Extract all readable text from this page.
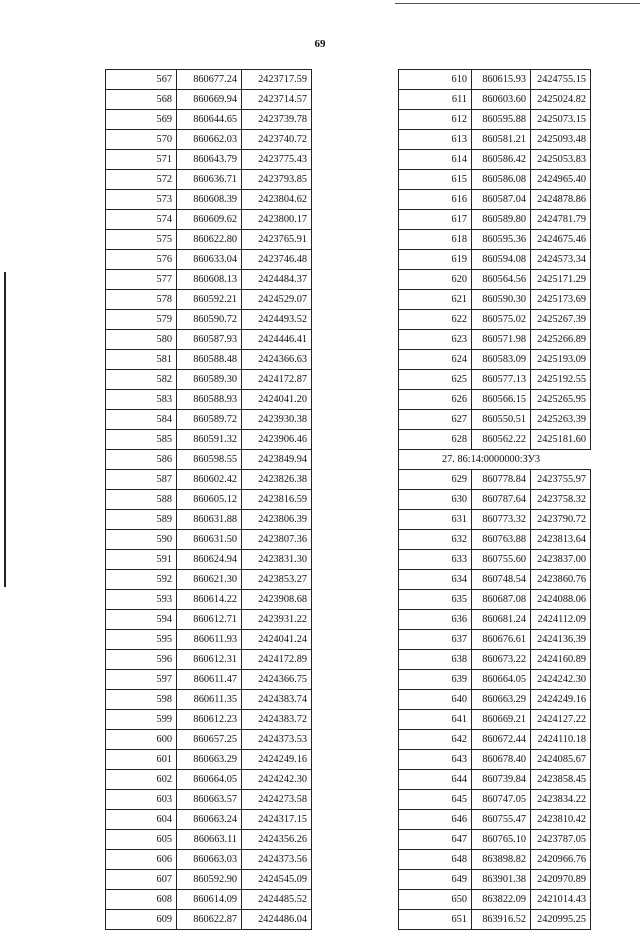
69
567	860677.24	2423717.59
568	860669.94	2423714.57
569	860644.65	2423739.78
570	860662.03	2423740.72
571	860643.79	2423775.43
572	860636.71	2423793.85
573	860608.39	2423804.62
574	860609.62	2423800.17
575	860622.80	2423765.91
576	860633.04	2423746.48
577	860608.13	2424484.37
578	860592.21	2424529.07
579	860590.72	2424493.52
580	860587.93	2424446.41
581	860588.48	2424366.63
582	860589.30	2424172.87
583	860588.93	2424041.20
584	860589.72	2423930.38
585	860591.32	2423906.46
586	860598.55	2423849.94
587	860602.42	2423826.38
588	860605.12	2423816.59
589	860631.88	2423806.39
590	860631.50	2423807.36
591	860624.94	2423831.30
592	860621.30	2423853.27
593	860614.22	2423908.68
594	860612.71	2423931.22
595	860611.93	2424041.24
596	860612.31	2424172.89
597	860611.47	2424366.75
598	860611.35	2424383.74
599	860612.23	2424383.72
600	860657.25	2424373.53
601	860663.29	2424249.16
602	860664.05	2424242.30
603	860663.57	2424273.58
604	860663.24	2424317.15
605	860663.11	2424356.26
606	860663.03	2424373.56
607	860592.90	2424545.09
608	860614.09	2424485.52
609	860622.87	2424486.04
610	860615.93	2424755.15
611	860603.60	2425024.82
612	860595.88	2425073.15
613	860581.21	2425093.48
614	860586.42	2425053.83
615	860586.08	2424965.40
616	860587.04	2424878.86
617	860589.80	2424781.79
618	860595.36	2424675.46
619	860594.08	2424573.34
620	860564.56	2425171.29
621	860590.30	2425173.69
622	860575.02	2425267.39
623	860571.98	2425266.89
624	860583.09	2425193.09
625	860577.13	2425192.55
626	860566.15	2425265.95
627	860550.51	2425263.39
628	860562.22	2425181.60
27. 86:14:0000000:ЗУ3		
629	860778.84	2423755.97
630	860787.64	2423758.32
631	860773.32	2423790.72
632	860763.88	2423813.64
633	860755.60	2423837.00
634	860748.54	2423860.76
635	860687.08	2424088.06
636	860681.24	2424112.09
637	860676.61	2424136.39
638	860673.22	2424160.89
639	860664.05	2424242.30
640	860663.29	2424249.16
641	860669.21	2424127.22
642	860672.44	2424110.18
643	860678.40	2424085.67
644	860739.84	2423858.45
645	860747.05	2423834.22
646	860755.47	2423810.42
647	860765.10	2423787.05
648	863898.82	2420966.76
649	863901.38	2420970.89
650	863822.09	2421014.43
651	863916.52	2420995.25
